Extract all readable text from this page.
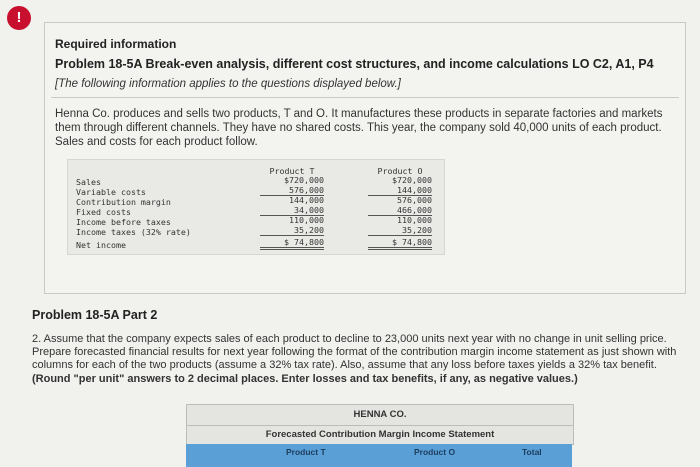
!
Required information
Problem 18-5A Break-even analysis, different cost structures, and income calculations LO C2, A1, P4
[The following information applies to the questions displayed below.]
Henna Co. produces and sells two products, T and O. It manufactures these products in separate factories and markets them through different channels. They have no shared costs. This year, the company sold 40,000 units of each product. Sales and costs for each product follow.
Product T	Product O
Sales	$720,000	$720,000
Variable costs	576,000	144,000
Contribution margin	144,000	576,000
Fixed costs	34,000	466,000
Income before taxes	110,000	110,000
Income taxes (32% rate)	35,200	35,200
Net income	$ 74,800	$ 74,800
Problem 18-5A Part 2
2. Assume that the company expects sales of each product to decline to 23,000 units next year with no change in unit selling price. Prepare forecasted financial results for next year following the format of the contribution margin income statement as just shown with columns for each of the two products (assume a 32% tax rate). Also, assume that any loss before taxes yields a 32% tax benefit. (Round "per unit" answers to 2 decimal places. Enter losses and tax benefits, if any, as negative values.)
HENNA CO.
Forecasted Contribution Margin Income Statement
Product T	Product O	Total
